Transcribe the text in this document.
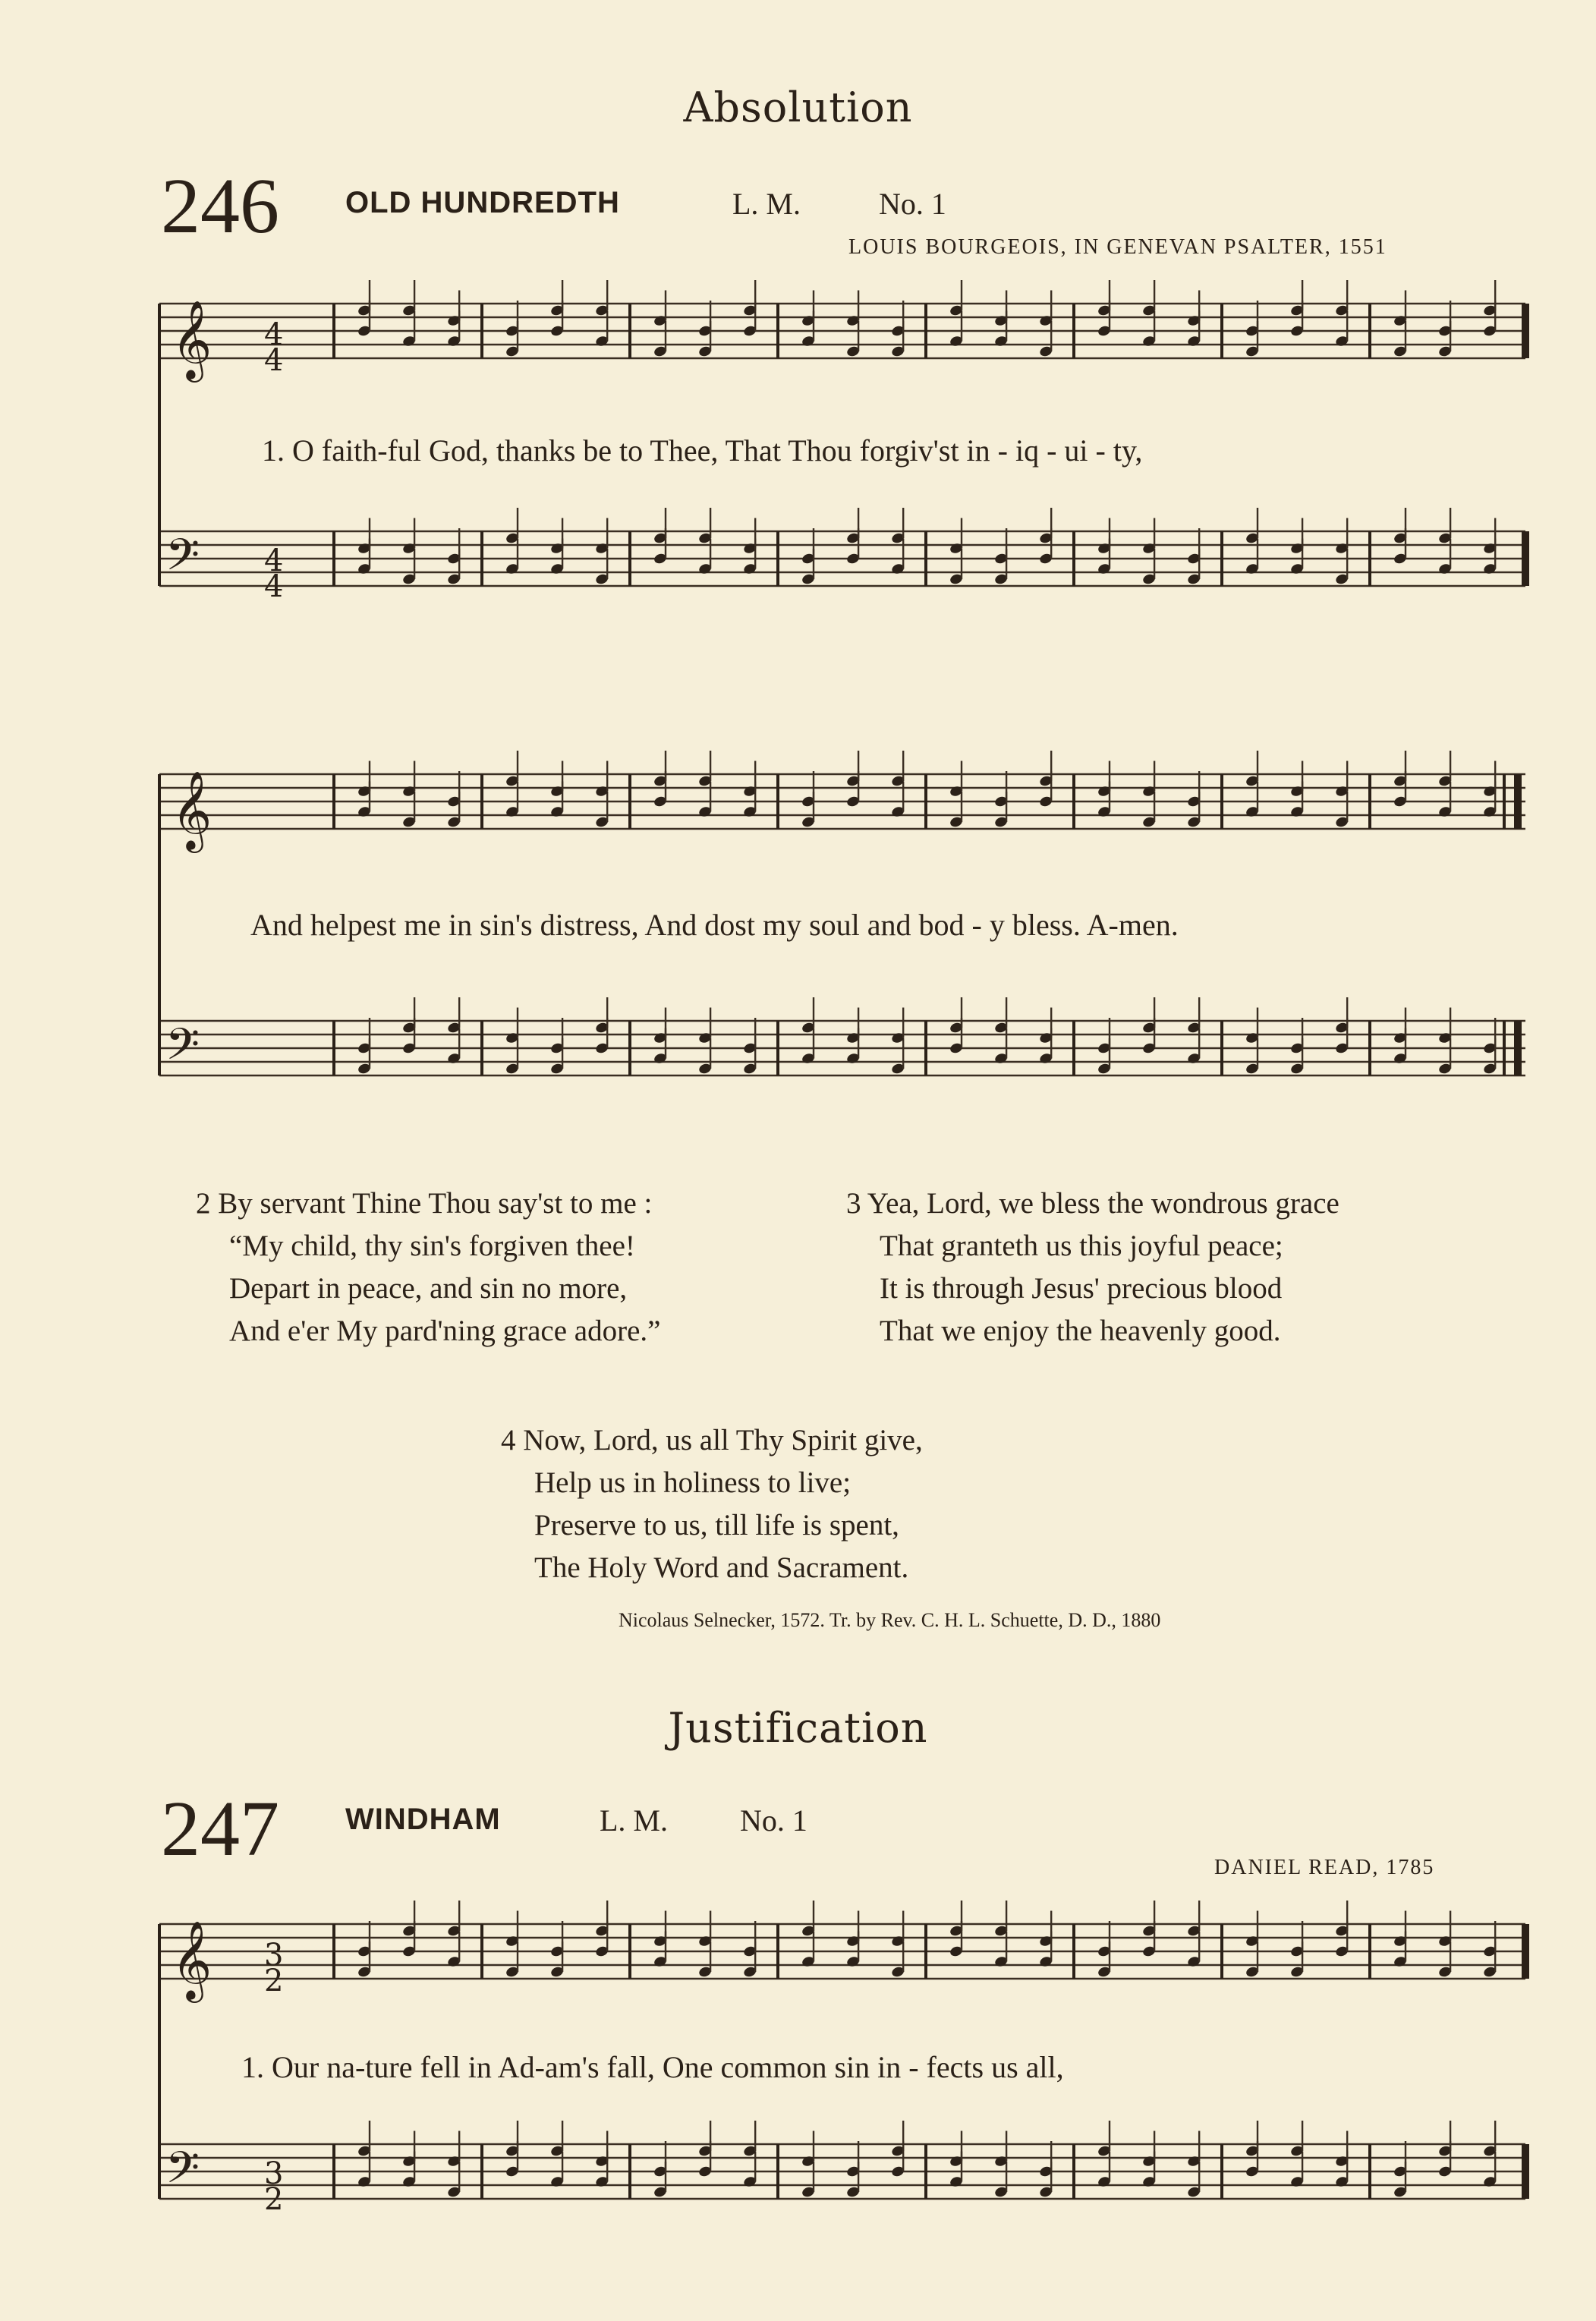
Absolution
246 OLD HUNDREDTH	L. M.	No. 1
LOUIS BOURGEOIS, IN GENEVAN PSALTER, 1551
𝄞 4
4
𝄢 4
4
1. O faith-ful God, thanks be to Thee, That Thou forgiv'st in - iq - ui - ty,
𝄞
𝄢
And helpest me in sin's distress, And dost my soul and bod - y bless. A-men.
2 By servant Thine Thou say'st to me :
“My child, thy sin's forgiven thee!
Depart in peace, and sin no more,
And e'er My pard'ning grace adore.”
3 Yea, Lord, we bless the wondrous grace
That granteth us this joyful peace;
It is through Jesus' precious blood
That we enjoy the heavenly good.
4 Now, Lord, us all Thy Spirit give,
Help us in holiness to live;
Preserve to us, till life is spent,
The Holy Word and Sacrament.
Nicolaus Selnecker, 1572. Tr. by Rev. C. H. L. Schuette, D. D., 1880
Justification
247 WINDHAM	L. M. No. 1
DANIEL READ, 1785
𝄞 3
2
𝄢 3
2
1. Our na-ture fell in Ad-am's fall, One common sin in - fects us all,
